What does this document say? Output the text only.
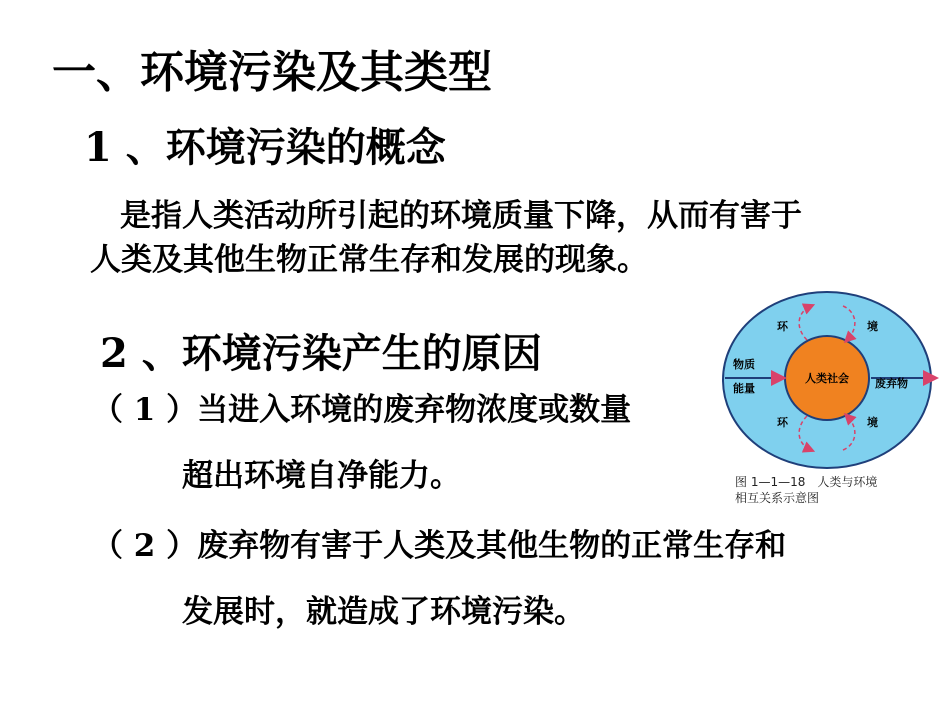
一、环境污染及其类型
1 、环境污染的概念
是指人类活动所引起的环境质量下降，从而有害于
人类及其他生物正常生存和发展的现象。
2 、环境污染产生的原因
（ 1 ）当进入环境的废弃物浓度或数量
超出环境自净能力。
（ 2 ）废弃物有害于人类及其他生物的正常生存和
发展时，就造成了环境污染。
环	境
环	境
物质
能量
人类社会 废弃物
图 1—1—18　人类与环境
相互关系示意图
